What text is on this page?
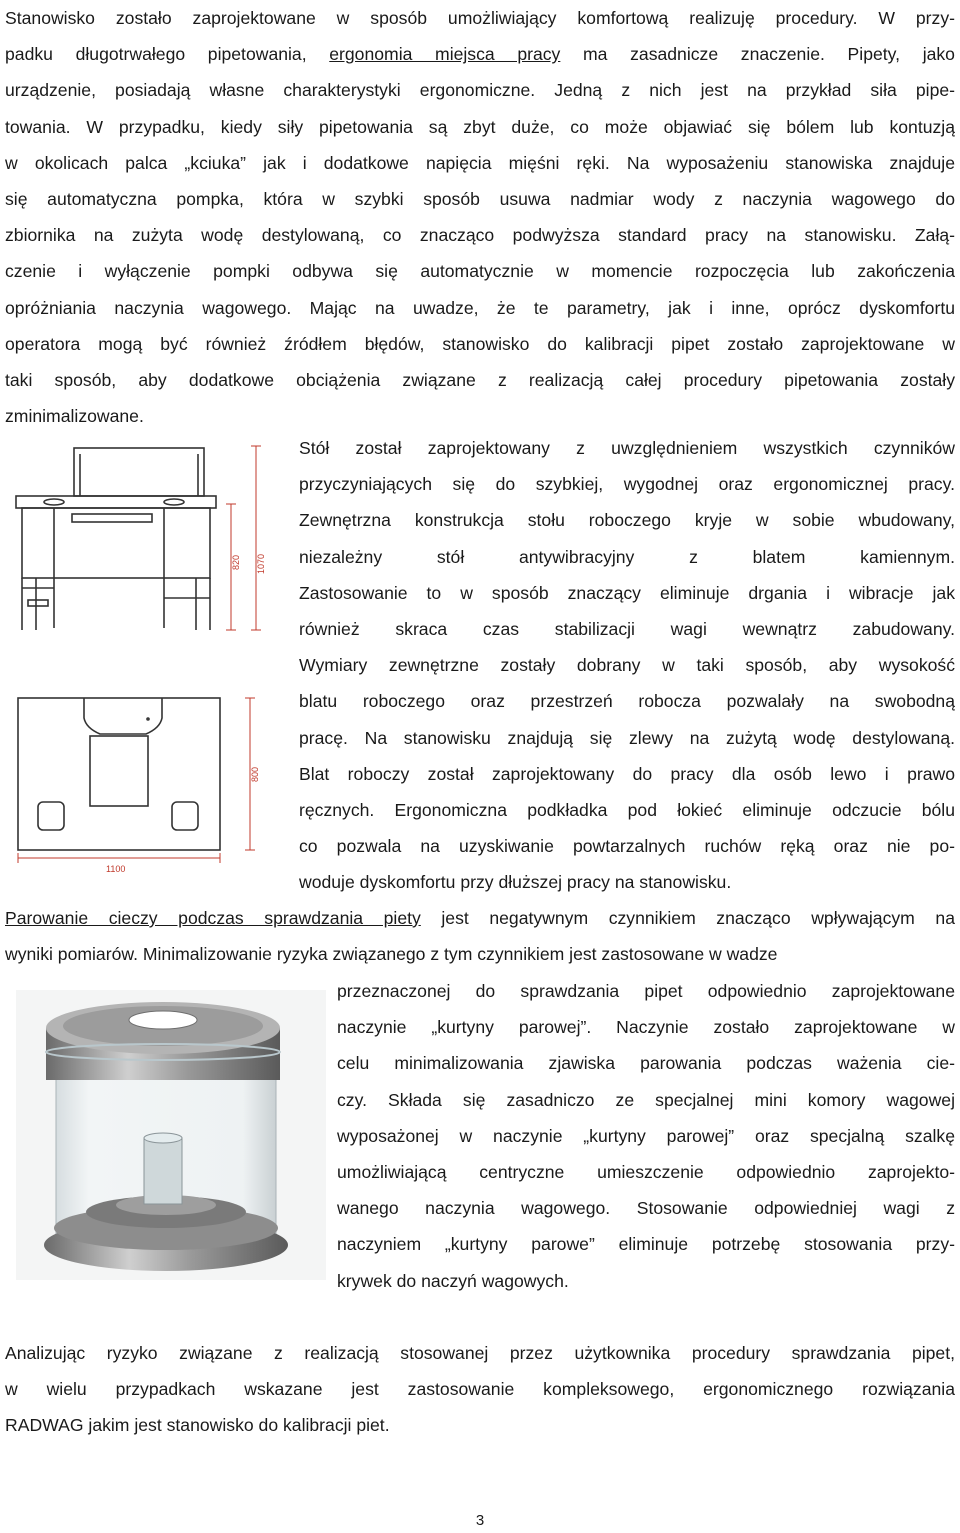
Stanowisko zostało zaprojektowane w sposób umożliwiający komfortową realizuję procedury. W przy-
padku długotrwałego pipetowania, ergonomia miejsca pracy ma zasadnicze znaczenie. Pipety, jako
urządzenie, posiadają własne charakterystyki ergonomiczne. Jedną z nich jest na przykład siła pipe-
towania. W przypadku, kiedy siły pipetowania są zbyt duże, co może objawiać się bólem lub kontuzją
w okolicach palca „kciuka” jak i dodatkowe napięcia mięśni ręki. Na wyposażeniu stanowiska znajduje
się automatyczna pompka, która w szybki sposób usuwa nadmiar wody z naczynia wagowego do
zbiornika na zużyta wodę destylowaną, co znacząco podwyższa standard pracy na stanowisku. Załą-
czenie i wyłączenie pompki odbywa się automatycznie w momencie rozpoczęcia lub zakończenia
opróżniania naczynia wagowego. Mając na uwadze, że te parametry, jak i inne, oprócz dyskomfortu
operatora mogą być również źródłem błędów, stanowisko do kalibracji pipet zostało zaprojektowane w
taki sposób, aby dodatkowe obciążenia związane z realizacją całej procedury pipetowania zostały
zminimalizowane.
820 1070
800
1100
Stół został zaprojektowany z uwzględnieniem wszystkich czynników
przyczyniających się do szybkiej, wygodnej oraz ergonomicznej pracy.
Zewnętrzna konstrukcja stołu roboczego kryje w sobie wbudowany,
niezależny stół antywibracyjny z blatem kamiennym.
Zastosowanie to w sposób znaczący eliminuje drgania i wibracje jak
również skraca czas stabilizacji wagi wewnątrz zabudowany.
Wymiary zewnętrzne zostały dobrany w taki sposób, aby wysokość
blatu roboczego oraz przestrzeń robocza pozwalały na swobodną
pracę. Na stanowisku znajdują się zlewy na zużytą wodę destylowaną.
Blat roboczy został zaprojektowany do pracy dla osób lewo i prawo
ręcznych. Ergonomiczna podkładka pod łokieć eliminuje odczucie bólu
co pozwala na uzyskiwanie powtarzalnych ruchów ręką oraz nie po-
woduje dyskomfortu przy dłuższej pracy na stanowisku.
Parowanie cieczy podczas sprawdzania piety jest negatywnym czynnikiem znacząco wpływającym na
wyniki pomiarów. Minimalizowanie ryzyka związanego z tym czynnikiem jest zastosowane w wadze
przeznaczonej do sprawdzania pipet odpowiednio zaprojektowane
naczynie „kurtyny parowej”. Naczynie zostało zaprojektowane w
celu minimalizowania zjawiska parowania podczas ważenia cie-
czy. Składa się zasadniczo ze specjalnej mini komory wagowej
wyposażonej w naczynie „kurtyny parowej” oraz specjalną szalkę
umożliwiającą centryczne umieszczenie odpowiednio zaprojekto-
wanego naczynia wagowego. Stosowanie odpowiedniej wagi z
naczyniem „kurtyny parowe” eliminuje potrzebę stosowania przy-
krywek do naczyń wagowych.
Analizując ryzyko związane z realizacją stosowanej przez użytkownika procedury sprawdzania pipet,
w wielu przypadkach wskazane jest zastosowanie kompleksowego, ergonomicznego rozwiązania
RADWAG jakim jest stanowisko do kalibracji piet.
3
